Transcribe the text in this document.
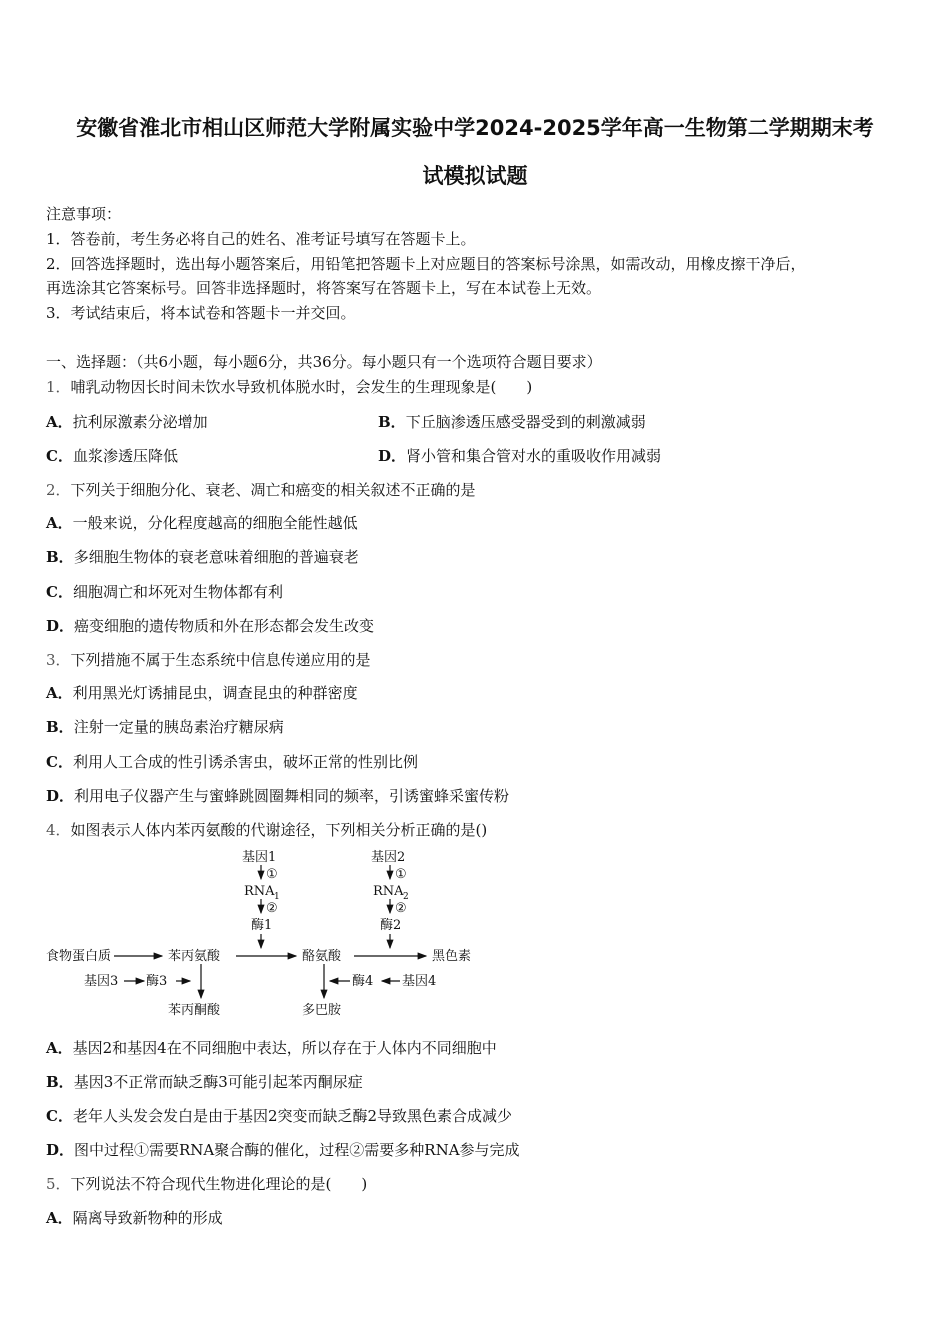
安徽省淮北市相山区师范大学附属实验中学2024-2025学年高一生物第二学期期末考
试模拟试题
注意事项：
1．答卷前，考生务必将自己的姓名、准考证号填写在答题卡上。
2．回答选择题时，选出每小题答案后，用铅笔把答题卡上对应题目的答案标号涂黑，如需改动，用橡皮擦干净后，
再选涂其它答案标号。回答非选择题时，将答案写在答题卡上，写在本试卷上无效。
3．考试结束后，将本试卷和答题卡一并交回。
一、选择题：（共6小题，每小题6分，共36分。每小题只有一个选项符合题目要求）
1．哺乳动物因长时间未饮水导致机体脱水时，会发生的生理现象是(　　)
A．抗利尿激素分泌增加	B．下丘脑渗透压感受器受到的刺激减弱
C．血浆渗透压降低	D．肾小管和集合管对水的重吸收作用减弱
2．下列关于细胞分化、衰老、凋亡和癌变的相关叙述不正确的是
A．一般来说，分化程度越高的细胞全能性越低
B．多细胞生物体的衰老意味着细胞的普遍衰老
C．细胞凋亡和坏死对生物体都有利
D．癌变细胞的遗传物质和外在形态都会发生改变
3．下列措施不属于生态系统中信息传递应用的是
A．利用黑光灯诱捕昆虫，调查昆虫的种群密度
B．注射一定量的胰岛素治疗糖尿病
C．利用人工合成的性引诱杀害虫，破坏正常的性别比例
D．利用电子仪器产生与蜜蜂跳圆圈舞相同的频率，引诱蜜蜂采蜜传粉
4．如图表示人体内苯丙氨酸的代谢途径，下列相关分析正确的是()
基因1
①
RNA 1
②
酶1
基因2
①
RNA 2
②
酶2
食物蛋白质	苯丙氨酸	酪氨酸	黑色素
基因3 酶3
苯丙酮酸
酶4 基因4
多巴胺
A．基因2和基因4在不同细胞中表达，所以存在于人体内不同细胞中
B．基因3不正常而缺乏酶3可能引起苯丙酮尿症
C．老年人头发会发白是由于基因2突变而缺乏酶2导致黑色素合成减少
D．图中过程①需要RNA聚合酶的催化，过程②需要多种RNA参与完成
5．下列说法不符合现代生物进化理论的是(　　)
A．隔离导致新物种的形成
